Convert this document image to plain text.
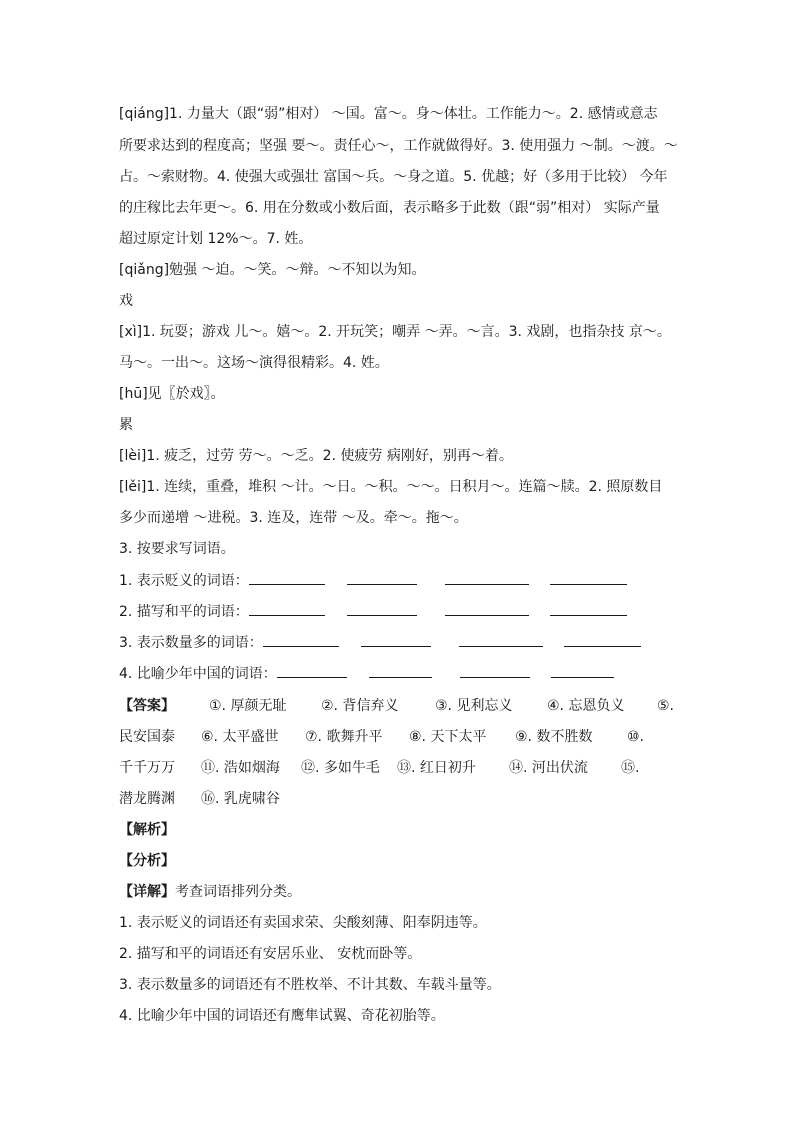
[qiáng]1. 力量大（跟“弱”相对） ～国。富～。身～体壮。工作能力～。2. 感情或意志
所要求达到的程度高；坚强 要～。责任心～，工作就做得好。3. 使用强力 ～制。～渡。～
占。～索财物。4. 使强大或强壮 富国～兵。～身之道。5. 优越；好（多用于比较） 今年
的庄稼比去年更～。6. 用在分数或小数后面，表示略多于此数（跟“弱”相对） 实际产量
超过原定计划 12%～。7. 姓。
[qiǎng]勉强 ～迫。～笑。～辩。～不知以为知。
戏
[xì]1. 玩耍；游戏 儿～。嬉～。2. 开玩笑；嘲弄 ～弄。～言。3. 戏剧，也指杂技 京～。
马～。一出～。这场～演得很精彩。4. 姓。
[hū]见〖於戏〗。
累
[lèi]1. 疲乏，过劳 劳～。～乏。2. 使疲劳 病刚好，别再～着。
[lěi]1. 连续，重叠，堆积 ～计。～日。～积。～～。日积月～。连篇～牍。2. 照原数目
多少而递增 ～进税。3. 连及，连带 ～及。牵～。拖～。
3. 按要求写词语。
1. 表示贬义的词语：
2. 描写和平的词语：
3. 表示数量多的词语：
4. 比喻少年中国的词语：
【答案】 ①. 厚颜无耻 ②. 背信弃义	③. 见利忘义 ④. 忘恩负义 ⑤.
民安国泰 ⑥. 太平盛世 ⑦. 歌舞升平 ⑧. 天下太平 ⑨. 数不胜数 ⑩.
千千万万 ⑪. 浩如烟海 ⑫. 多如牛毛 ⑬. 红日初升 ⑭. 河出伏流 ⑮.
潜龙腾渊 ⑯. 乳虎啸谷
【解析】
【分析】
【详解】考查词语排列分类。
1. 表示贬义的词语还有卖国求荣、尖酸刻薄、阳奉阴违等。
2. 描写和平的词语还有安居乐业、 安枕而卧等。
3. 表示数量多的词语还有不胜枚举、不计其数、车载斗量等。
4. 比喻少年中国的词语还有鹰隼试翼、奇花初胎等。
